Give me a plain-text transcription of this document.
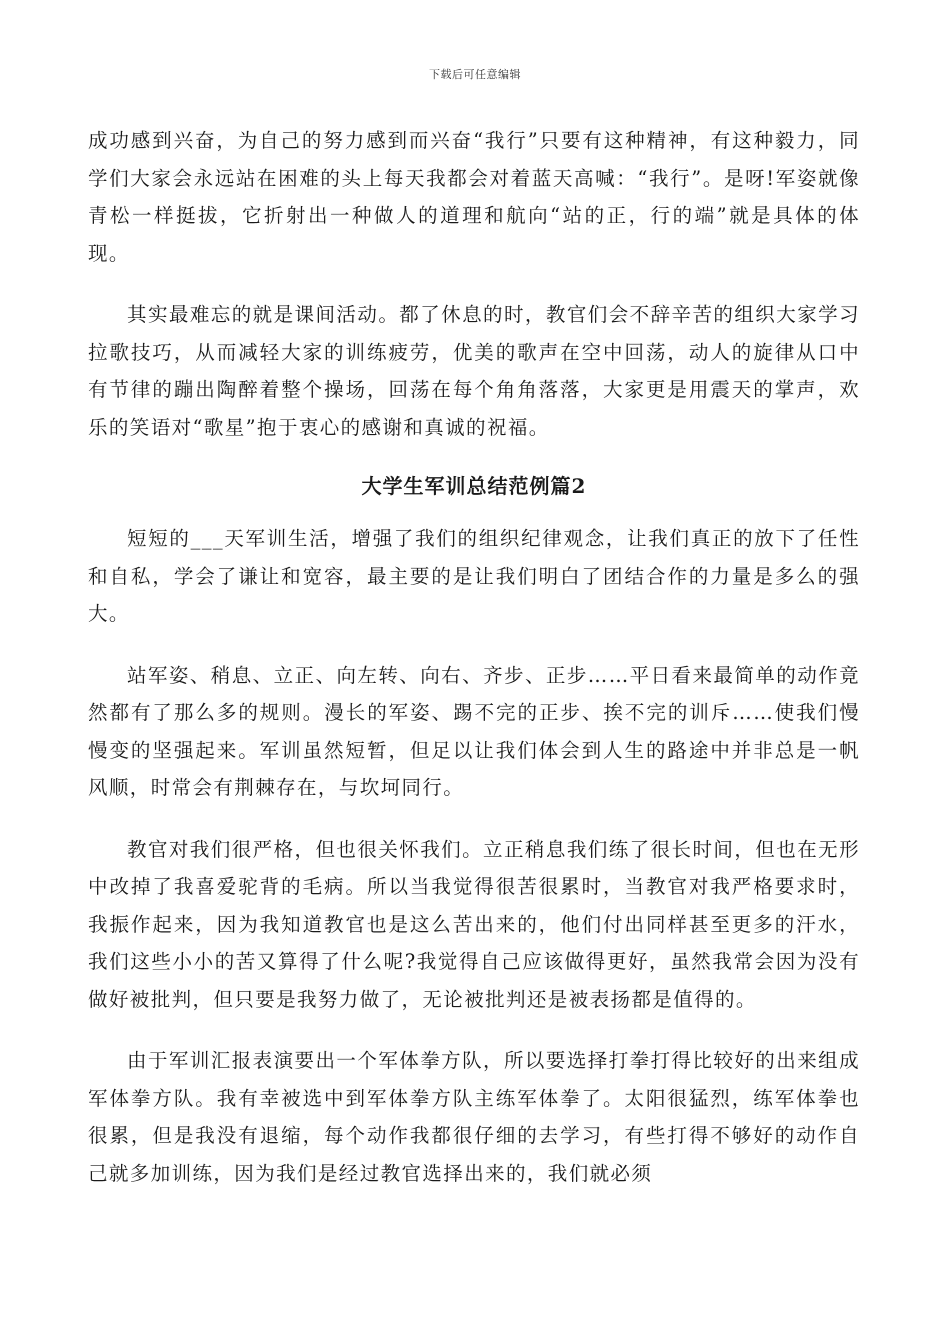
下载后可任意编辑

成功感到兴奋，为自己的努力感到而兴奋“我行”只要有这种精神，有这种毅力，同学们大家会永远站在困难的头上每天我都会对着蓝天高喊：“我行”。是呀!军姿就像青松一样挺拔，它折射出一种做人的道理和航向“站的正，行的端”就是具体的体现。

其实最难忘的就是课间活动。都了休息的时，教官们会不辞辛苦的组织大家学习拉歌技巧，从而减轻大家的训练疲劳，优美的歌声在空中回荡，动人的旋律从口中有节律的蹦出陶醉着整个操场，回荡在每个角角落落，大家更是用震天的掌声，欢乐的笑语对“歌星”抱于衷心的感谢和真诚的祝福。

大学生军训总结范例篇2

短短的___天军训生活，增强了我们的组织纪律观念，让我们真正的放下了任性和自私，学会了谦让和宽容，最主要的是让我们明白了团结合作的力量是多么的强大。

站军姿、稍息、立正、向左转、向右、齐步、正步……平日看来最简单的动作竟然都有了那么多的规则。漫长的军姿、踢不完的正步、挨不完的训斥……使我们慢慢变的坚强起来。军训虽然短暂，但足以让我们体会到人生的路途中并非总是一帆风顺，时常会有荆棘存在，与坎坷同行。

教官对我们很严格，但也很关怀我们。立正稍息我们练了很长时间，但也在无形中改掉了我喜爱驼背的毛病。所以当我觉得很苦很累时，当教官对我严格要求时，我振作起来，因为我知道教官也是这么苦出来的，他们付出同样甚至更多的汗水，我们这些小小的苦又算得了什么呢?我觉得自己应该做得更好，虽然我常会因为没有做好被批判，但只要是我努力做了，无论被批判还是被表扬都是值得的。

由于军训汇报表演要出一个军体拳方队，所以要选择打拳打得比较好的出来组成军体拳方队。我有幸被选中到军体拳方队主练军体拳了。太阳很猛烈，练军体拳也很累，但是我没有退缩，每个动作我都很仔细的去学习，有些打得不够好的动作自己就多加训练，因为我们是经过教官选择出来的，我们就必须
